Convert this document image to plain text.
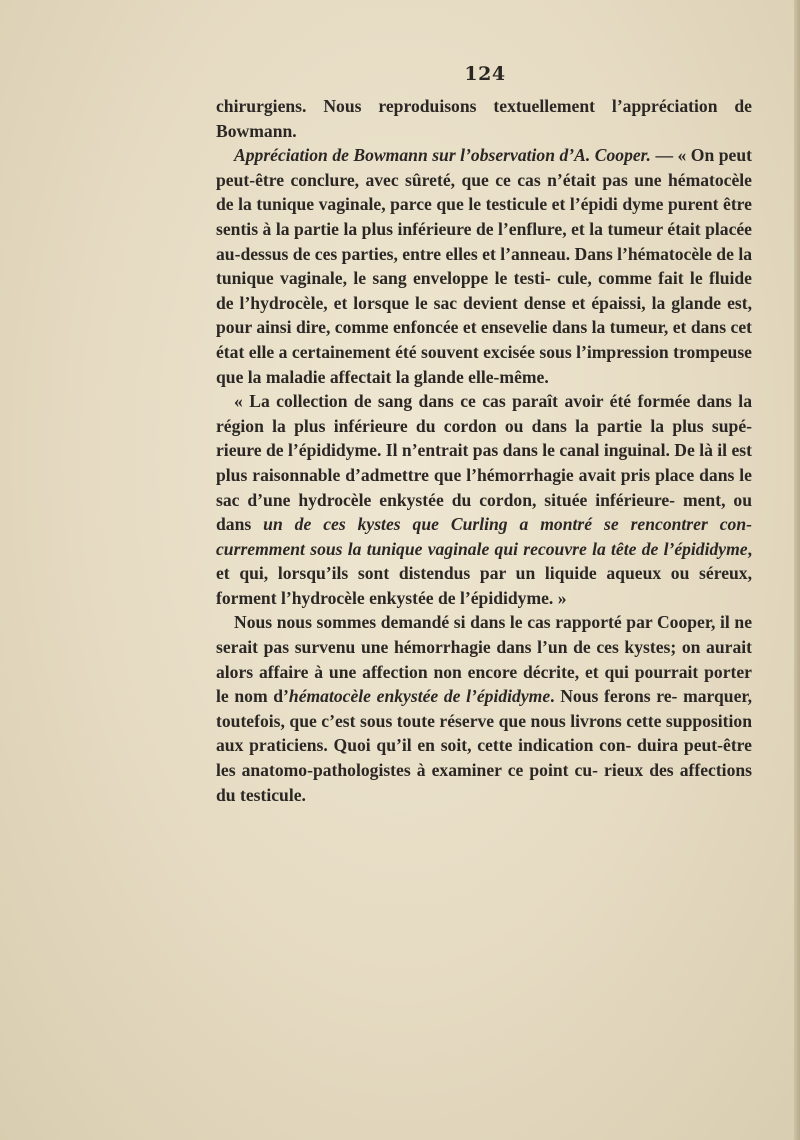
124

chirurgiens. Nous reproduisons textuellement l’appréciation de Bowmann.

Appréciation de Bowmann sur l’observation d’A. Cooper. — « On peut peut-être conclure, avec sûreté, que ce cas n’était pas une hématocèle de la tunique vaginale, parce que le testicule et l’épidi dyme purent être sentis à la partie la plus inférieure de l’enflure, et la tumeur était placée au-dessus de ces parties, entre elles et l’anneau. Dans l’hématocèle de la tunique vaginale, le sang enveloppe le testi- cule, comme fait le fluide de l’hydrocèle, et lorsque le sac devient dense et épaissi, la glande est, pour ainsi dire, comme enfoncée et ensevelie dans la tumeur, et dans cet état elle a certainement été souvent excisée sous l’impression trompeuse que la maladie affectait la glande elle-même.

« La collection de sang dans ce cas paraît avoir été formée dans la région la plus inférieure du cordon ou dans la partie la plus supé- rieure de l’épididyme. Il n’entrait pas dans le canal inguinal. De là il est plus raisonnable d’admettre que l’hémorrhagie avait pris place dans le sac d’une hydrocèle enkystée du cordon, située inférieure- ment, ou dans un de ces kystes que Curling a montré se rencontrer con- curremment sous la tunique vaginale qui recouvre la tête de l’épididyme, et qui, lorsqu’ils sont distendus par un liquide aqueux ou séreux, forment l’hydrocèle enkystée de l’épididyme. »

Nous nous sommes demandé si dans le cas rapporté par Cooper, il ne serait pas survenu une hémorrhagie dans l’un de ces kystes; on aurait alors affaire à une affection non encore décrite, et qui pourrait porter le nom d’hématocèle enkystée de l’épididyme. Nous ferons re- marquer, toutefois, que c’est sous toute réserve que nous livrons cette supposition aux praticiens. Quoi qu’il en soit, cette indication con- duira peut-être les anatomo-pathologistes à examiner ce point cu- rieux des affections du testicule.
